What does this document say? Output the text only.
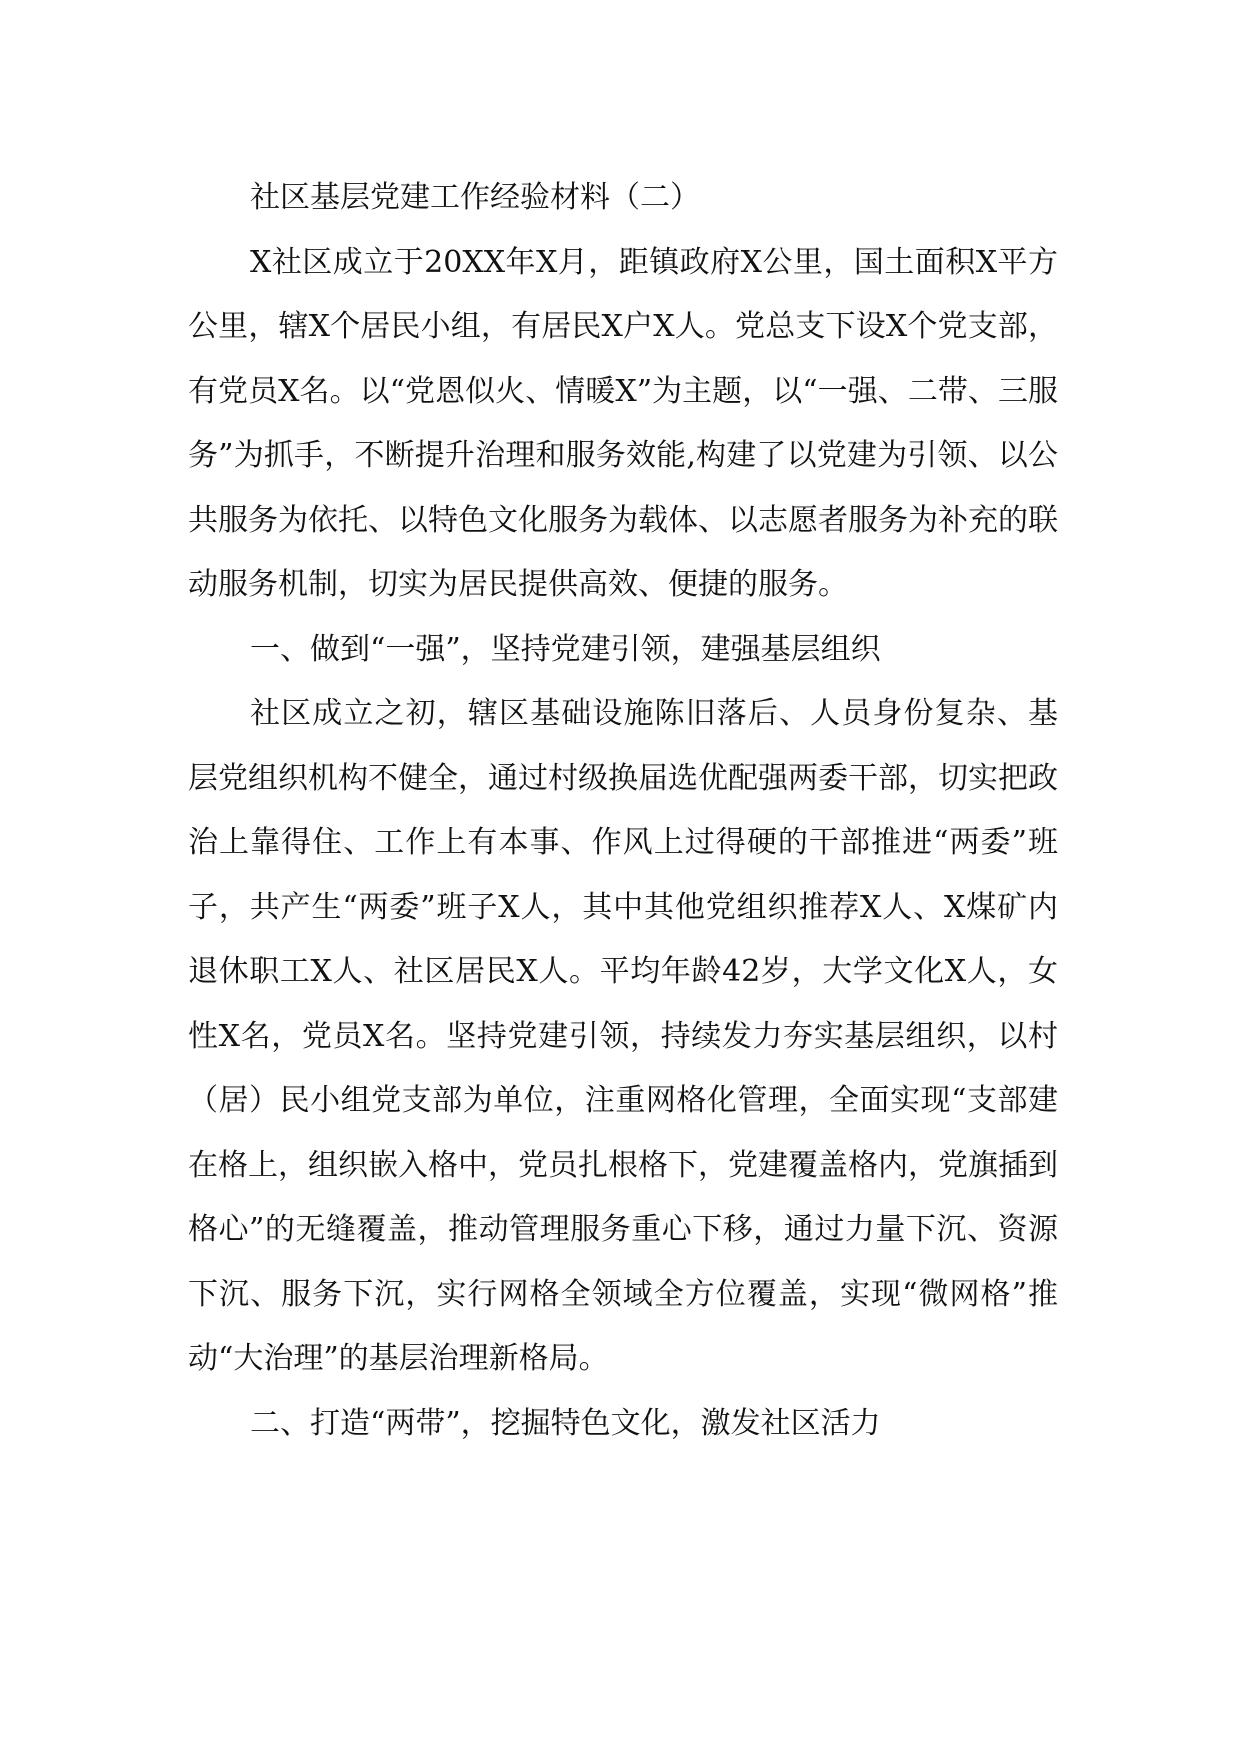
社区基层党建工作经验材料（二）

X社区成立于20XX年X月，距镇政府X公里，国土面积X平方公里，辖X个居民小组，有居民X户X人。党总支下设X个党支部，有党员X名。以“党恩似火、情暖X”为主题，以“一强、二带、三服务”为抓手，不断提升治理和服务效能,构建了以党建为引领、以公共服务为依托、以特色文化服务为载体、以志愿者服务为补充的联动服务机制，切实为居民提供高效、便捷的服务。

一、做到“一强”，坚持党建引领，建强基层组织

社区成立之初，辖区基础设施陈旧落后、人员身份复杂、基层党组织机构不健全，通过村级换届选优配强两委干部，切实把政治上靠得住、工作上有本事、作风上过得硬的干部推进“两委”班子，共产生“两委”班子X人，其中其他党组织推荐X人、X煤矿内退休职工X人、社区居民X人。平均年龄42岁，大学文化X人，女性X名，党员X名。坚持党建引领，持续发力夯实基层组织，以村（居）民小组党支部为单位，注重网格化管理，全面实现“支部建在格上，组织嵌入格中，党员扎根格下，党建覆盖格内，党旗插到格心”的无缝覆盖，推动管理服务重心下移，通过力量下沉、资源下沉、服务下沉，实行网格全领域全方位覆盖，实现“微网格”推动“大治理”的基层治理新格局。

二、打造“两带”，挖掘特色文化，激发社区活力
